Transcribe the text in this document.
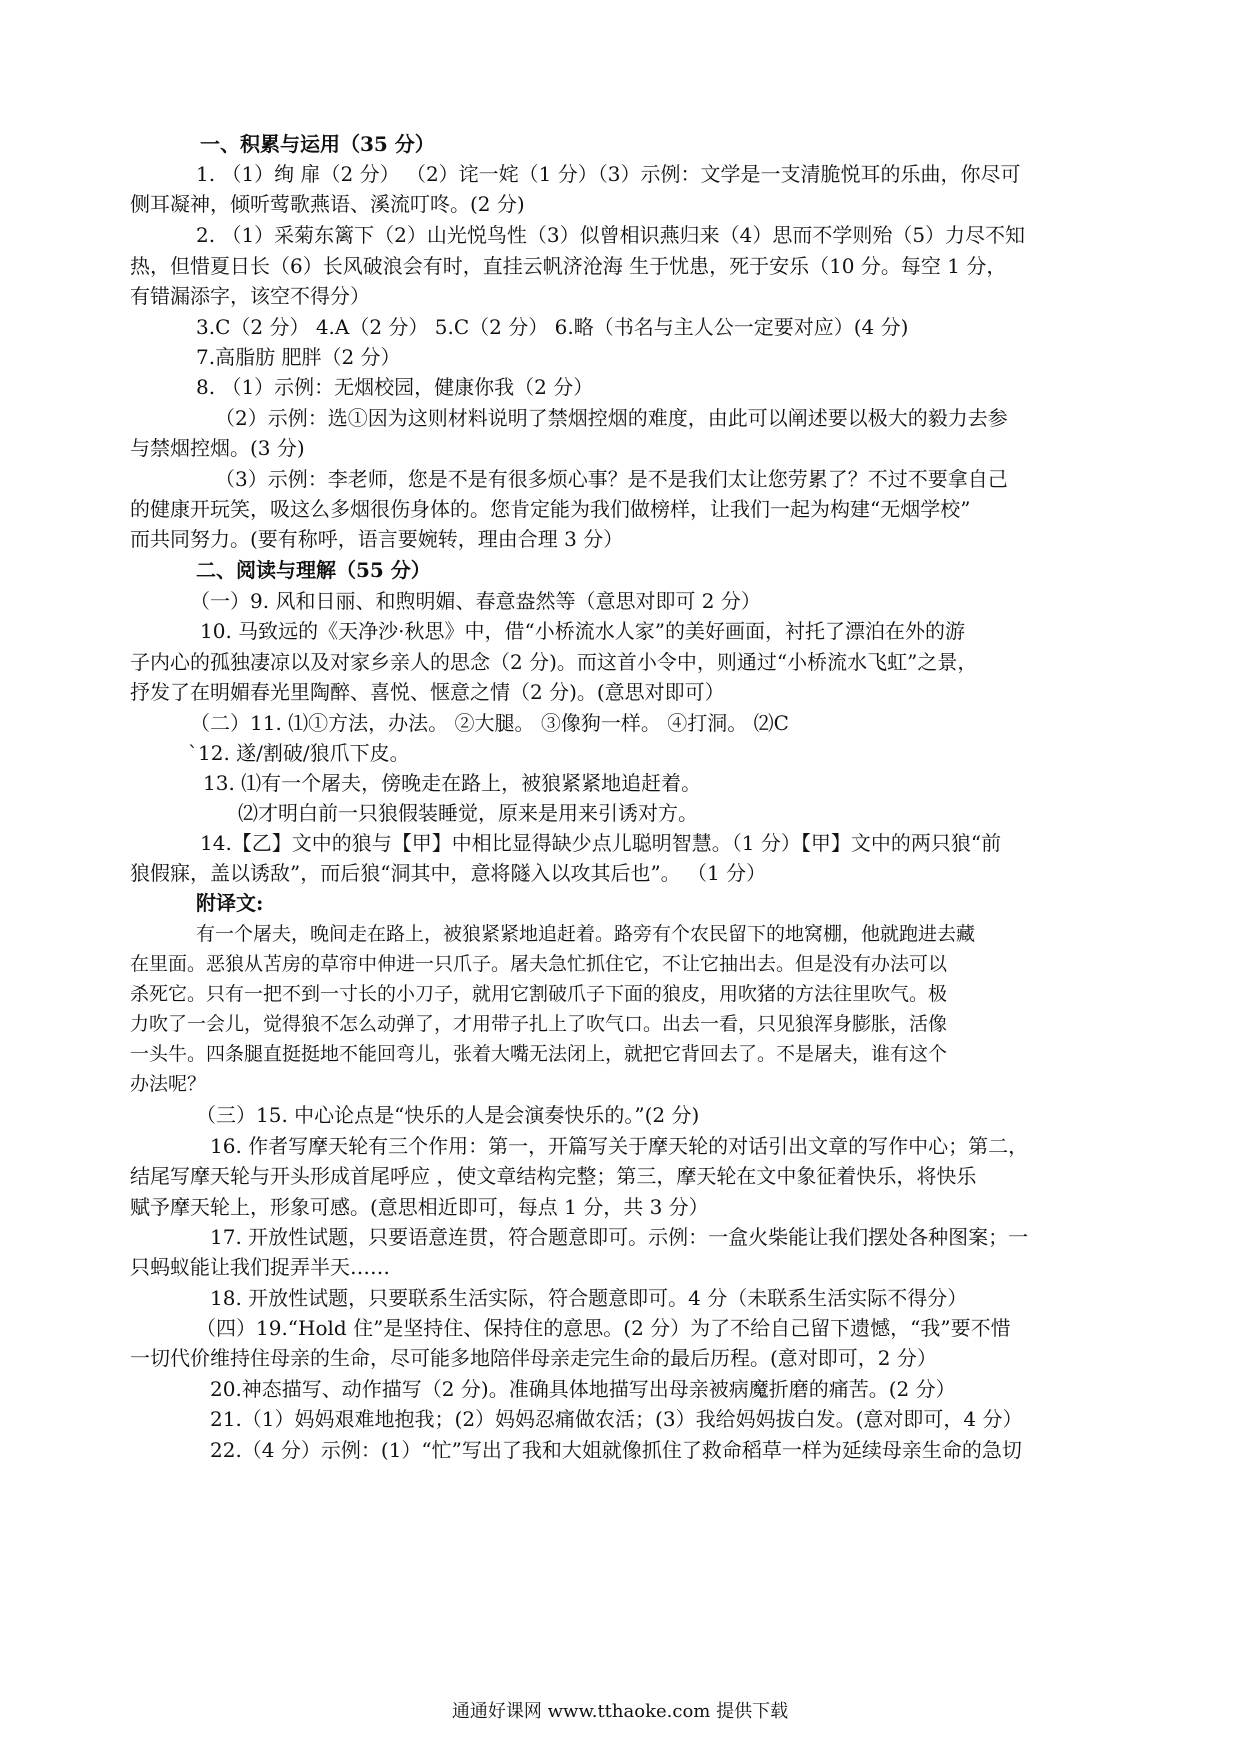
一、积累与运用（35 分）
1. （1）绚 扉（2 分） （2）诧一姹（1 分）（3）示例：文学是一支清脆悦耳的乐曲，你尽可
侧耳凝神，倾听莺歌燕语、溪流叮咚。(2 分)
2. （1）采菊东篱下（2）山光悦鸟性（3）似曾相识燕归来（4）思而不学则殆（5）力尽不知
热，但惜夏日长（6）长风破浪会有时，直挂云帆济沧海 生于忧患，死于安乐（10 分。每空 1 分，
有错漏添字，该空不得分）
3.C（2 分） 4.A（2 分） 5.C（2 分） 6.略（书名与主人公一定要对应）(4 分)
7.高脂肪 肥胖（2 分）
8. （1）示例：无烟校园，健康你我（2 分）
（2）示例：选①因为这则材料说明了禁烟控烟的难度，由此可以阐述要以极大的毅力去参
与禁烟控烟。(3 分)
（3）示例：李老师，您是不是有很多烦心事？是不是我们太让您劳累了？不过不要拿自己
的健康开玩笑，吸这么多烟很伤身体的。您肯定能为我们做榜样，让我们一起为构建“无烟学校”
而共同努力。(要有称呼，语言要婉转，理由合理 3 分）
二、阅读与理解（55 分）
（一）9. 风和日丽、和煦明媚、春意盎然等（意思对即可 2 分）
10. 马致远的《天净沙·秋思》中，借“小桥流水人家”的美好画面，衬托了漂泊在外的游
子内心的孤独凄凉以及对家乡亲人的思念（2 分)。而这首小令中，则通过“小桥流水飞虹”之景，
抒发了在明媚春光里陶醉、喜悦、惬意之情（2 分)。(意思对即可）
（二）11. ⑴①方法，办法。 ②大腿。 ③像狗一样。 ④打洞。 ⑵C
`12. 遂/割破/狼爪下皮。
13. ⑴有一个屠夫，傍晚走在路上，被狼紧紧地追赶着。
⑵才明白前一只狼假装睡觉，原来是用来引诱对方。
14.【乙】文中的狼与【甲】中相比显得缺少点儿聪明智慧。（1 分）【甲】文中的两只狼“前
狼假寐，盖以诱敌”，而后狼“洞其中，意将隧入以攻其后也”。 （1 分）
附译文:
有一个屠夫，晚间走在路上，被狼紧紧地追赶着。路旁有个农民留下的地窝棚，他就跑进去藏
在里面。恶狼从苫房的草帘中伸进一只爪子。屠夫急忙抓住它，不让它抽出去。但是没有办法可以
杀死它。只有一把不到一寸长的小刀子，就用它割破爪子下面的狼皮，用吹猪的方法往里吹气。极
力吹了一会儿，觉得狼不怎么动弹了，才用带子扎上了吹气口。出去一看，只见狼浑身膨胀，活像
一头牛。四条腿直挺挺地不能回弯儿，张着大嘴无法闭上，就把它背回去了。不是屠夫，谁有这个
办法呢？
（三）15. 中心论点是“快乐的人是会演奏快乐的。”(2 分)
16. 作者写摩天轮有三个作用：第一，开篇写关于摩天轮的对话引出文章的写作中心；第二，
结尾写摩天轮与开头形成首尾呼应 ，使文章结构完整；第三，摩天轮在文中象征着快乐，将快乐
赋予摩天轮上，形象可感。(意思相近即可，每点 1 分，共 3 分）
17. 开放性试题，只要语意连贯，符合题意即可。示例：一盒火柴能让我们摆处各种图案；一
只蚂蚁能让我们捉弄半天……
18. 开放性试题，只要联系生活实际，符合题意即可。4 分（未联系生活实际不得分）
（四）19.“Hold 住”是坚持住、保持住的意思。(2 分）为了不给自己留下遗憾，“我”要不惜
一切代价维持住母亲的生命，尽可能多地陪伴母亲走完生命的最后历程。(意对即可，2 分）
20.神态描写、动作描写（2 分)。准确具体地描写出母亲被病魔折磨的痛苦。(2 分）
21.（1）妈妈艰难地抱我；(2）妈妈忍痛做农活；(3）我给妈妈拔白发。(意对即可，4 分）
22.（4 分）示例：(1）“忙”写出了我和大姐就像抓住了救命稻草一样为延续母亲生命的急切
通通好课网 www.tthaoke.com 提供下载
